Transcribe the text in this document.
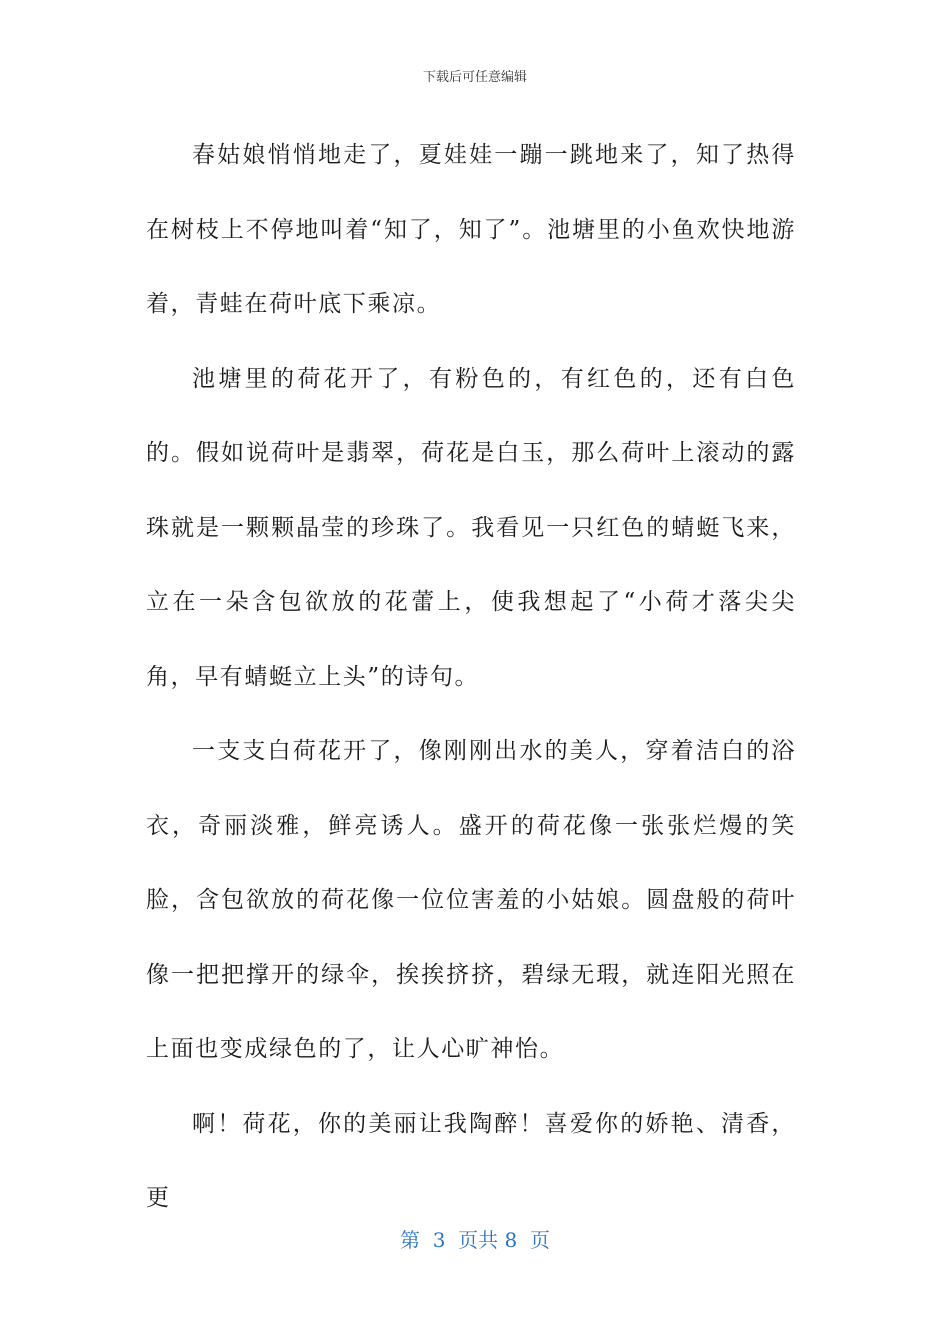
下载后可任意编辑

春姑娘悄悄地走了，夏娃娃一蹦一跳地来了，知了热得在树枝上不停地叫着“知了，知了”。池塘里的小鱼欢快地游着，青蛙在荷叶底下乘凉。

池塘里的荷花开了，有粉色的，有红色的，还有白色的。假如说荷叶是翡翠，荷花是白玉，那么荷叶上滚动的露珠就是一颗颗晶莹的珍珠了。我看见一只红色的蜻蜓飞来，立在一朵含包欲放的花蕾上，使我想起了“小荷才落尖尖角，早有蜻蜓立上头”的诗句。

一支支白荷花开了，像刚刚出水的美人，穿着洁白的浴衣，奇丽淡雅，鲜亮诱人。盛开的荷花像一张张烂熳的笑脸，含包欲放的荷花像一位位害羞的小姑娘。圆盘般的荷叶像一把把撑开的绿伞，挨挨挤挤，碧绿无瑕，就连阳光照在上面也变成绿色的了，让人心旷神怡。

啊！荷花，你的美丽让我陶醉！喜爱你的娇艳、清香，更

第  3  页共 8  页
